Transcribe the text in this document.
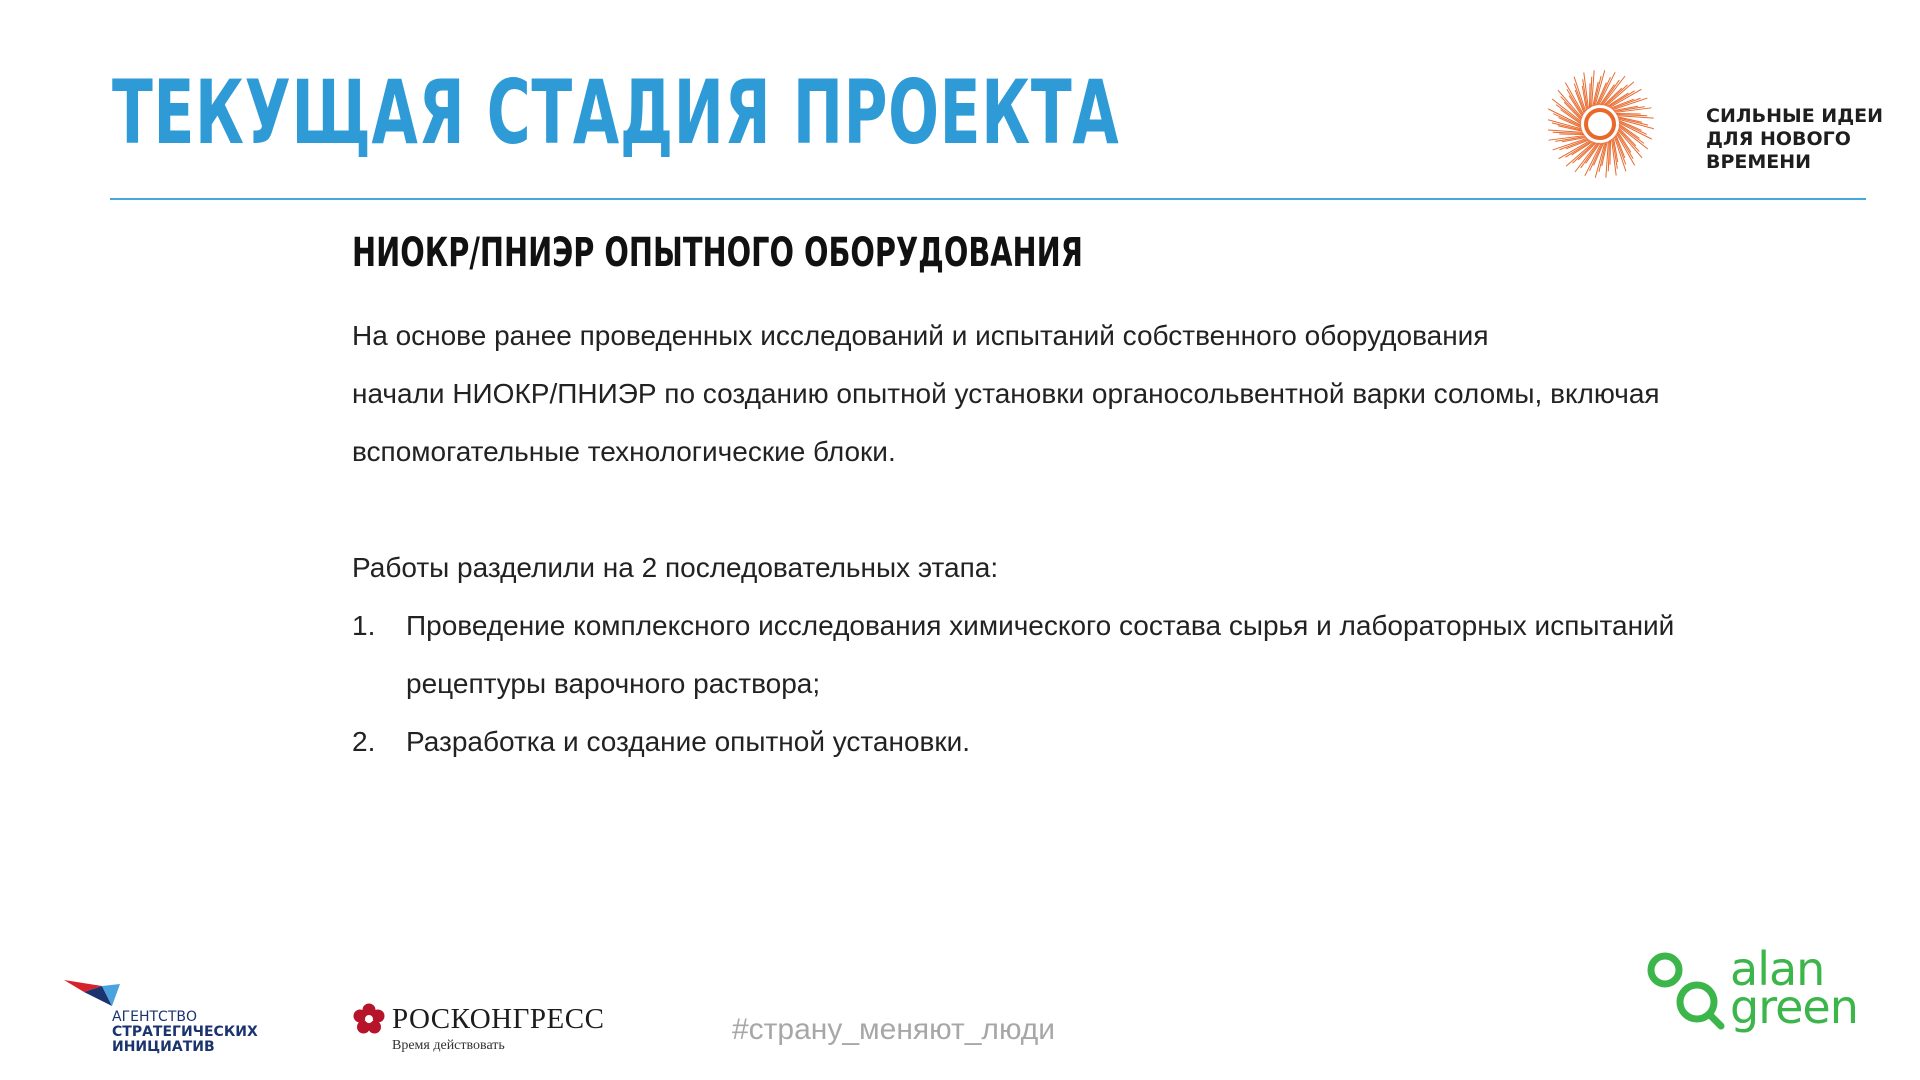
ТЕКУЩАЯ СТАДИЯ ПРОЕКТА	СИЛЬНЫЕ ИДЕИ
ДЛЯ НОВОГО
ВРЕМЕНИ
НИОКР/ПНИЭР ОПЫТНОГО ОБОРУДОВАНИЯ

На основе ранее проведенных исследований и испытаний собственного оборудования
начали НИОКР/ПНИЭР по созданию опытной установки органосольвентной варки соломы, включая
вспомогательные технологические блоки.

Работы разделили на 2 последовательных этапа:

1. Проведение комплексного исследования химического состава сырья и лабораторных испытаний рецептуры варочного раствора;
2. Разработка и создание опытной установки.
АГЕНТСТВО
СТРАТЕГИЧЕСКИХ
ИНИЦИАТИВ
РОСКОНГРЕСС
Время действовать	#страну_меняют_люди
alan
green
